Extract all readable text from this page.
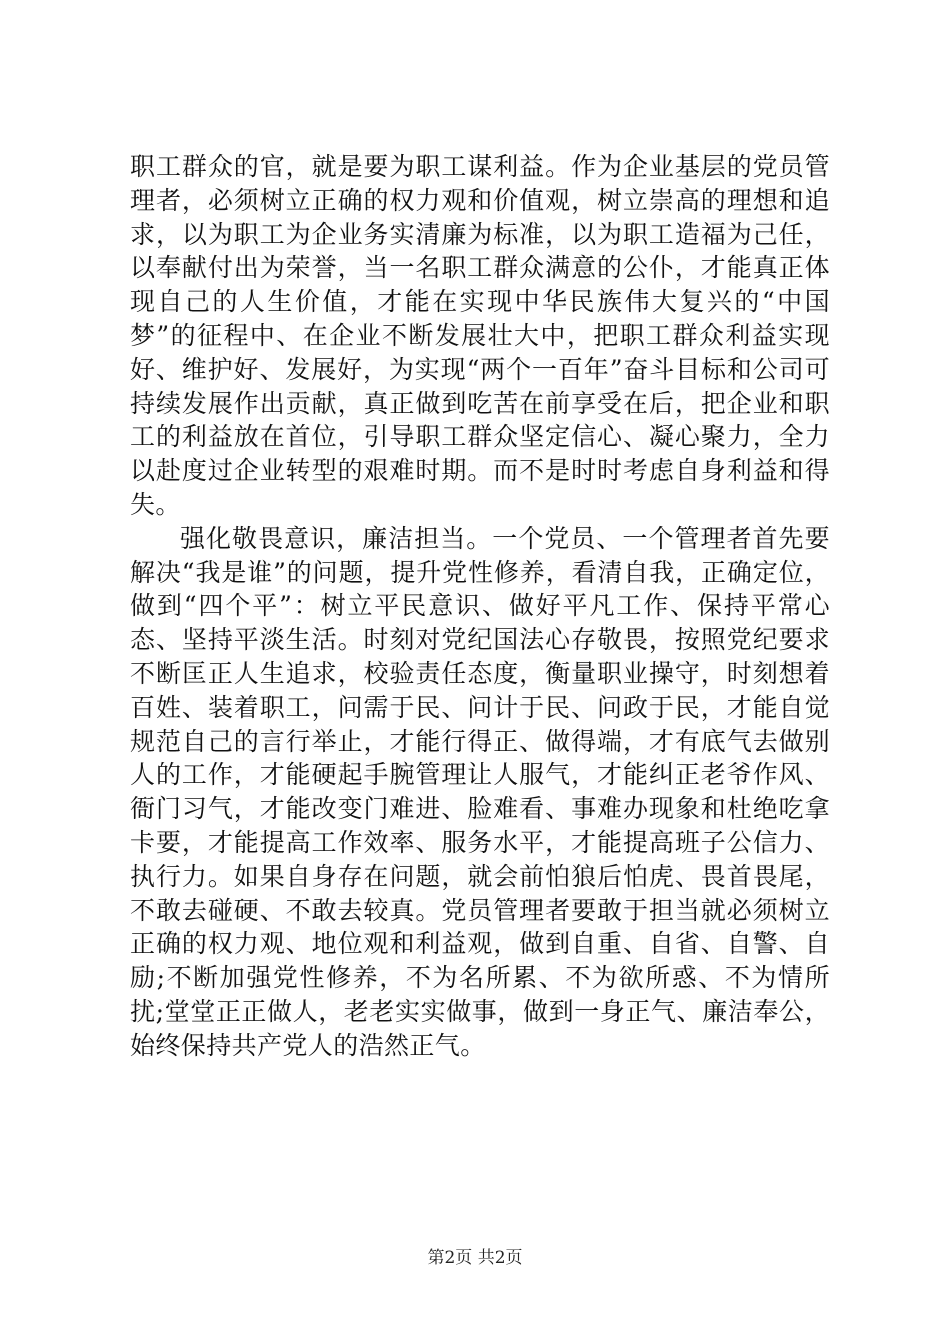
职工群众的官，就是要为职工谋利益。作为企业基层的党员管理者，必须树立正确的权力观和价值观，树立崇高的理想和追求，以为职工为企业务实清廉为标准，以为职工造福为己任，以奉献付出为荣誉，当一名职工群众满意的公仆，才能真正体现自己的人生价值，才能在实现中华民族伟大复兴的“中国梦”的征程中、在企业不断发展壮大中，把职工群众利益实现好、维护好、发展好，为实现“两个一百年”奋斗目标和公司可持续发展作出贡献，真正做到吃苦在前享受在后，把企业和职工的利益放在首位，引导职工群众坚定信心、凝心聚力，全力以赴度过企业转型的艰难时期。而不是时时考虑自身利益和得失。

强化敬畏意识，廉洁担当。一个党员、一个管理者首先要解决“我是谁”的问题，提升党性修养，看清自我，正确定位，做到“四个平”：树立平民意识、做好平凡工作、保持平常心态、坚持平淡生活。时刻对党纪国法心存敬畏，按照党纪要求不断匡正人生追求，校验责任态度，衡量职业操守，时刻想着百姓、装着职工，问需于民、问计于民、问政于民，才能自觉规范自己的言行举止，才能行得正、做得端，才有底气去做别人的工作，才能硬起手腕管理让人服气，才能纠正老爷作风、衙门习气，才能改变门难进、脸难看、事难办现象和杜绝吃拿卡要，才能提高工作效率、服务水平，才能提高班子公信力、执行力。如果自身存在问题，就会前怕狼后怕虎、畏首畏尾，不敢去碰硬、不敢去较真。党员管理者要敢于担当就必须树立正确的权力观、地位观和利益观，做到自重、自省、自警、自励;不断加强党性修养，不为名所累、不为欲所惑、不为情所扰;堂堂正正做人，老老实实做事，做到一身正气、廉洁奉公，始终保持共产党人的浩然正气。

第2页 共2页
